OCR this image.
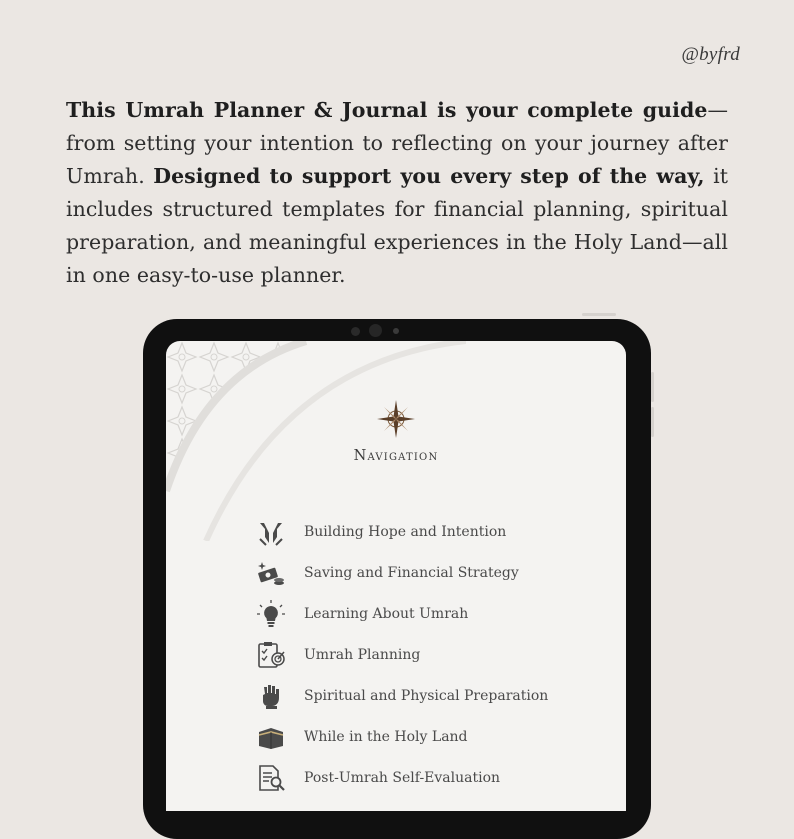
@byfrd

This Umrah Planner & Journal is your complete guide—from setting your intention to reflecting on your journey after Umrah. Designed to support you every step of the way, it includes structured templates for financial planning, spiritual preparation, and meaningful experiences in the Holy Land—all in one easy-to-use planner.

Navigation
Building Hope and Intention
Saving and Financial Strategy
Learning About Umrah
Umrah Planning
Spiritual and Physical Preparation
While in the Holy Land
Post-Umrah Self-Evaluation
